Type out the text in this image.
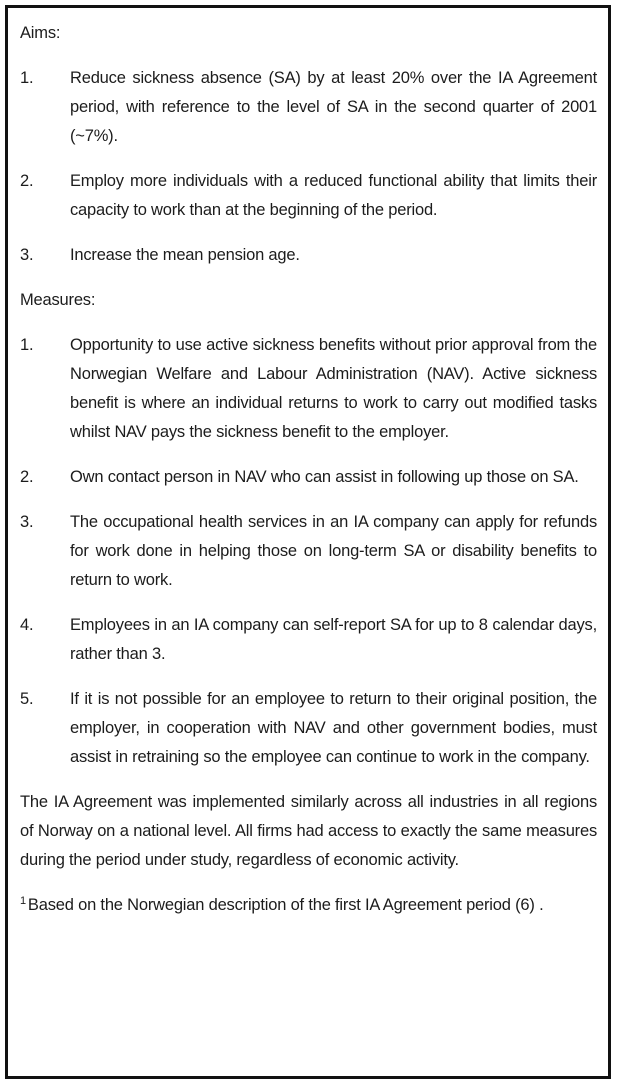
Aims:

1.	Reduce sickness absence (SA) by at least 20% over the IA Agreement period, with reference to the level of SA in the second quarter of 2001 (~7%).
2.	Employ more individuals with a reduced functional ability that limits their capacity to work than at the beginning of the period.
3.	Increase the mean pension age.

Measures:

1.	Opportunity to use active sickness benefits without prior approval from the Norwegian Welfare and Labour Administration (NAV). Active sickness benefit is where an individual returns to work to carry out modified tasks whilst NAV pays the sickness benefit to the employer.
2.	Own contact person in NAV who can assist in following up those on SA.
3.	The occupational health services in an IA company can apply for refunds for work done in helping those on long-term SA or disability benefits to return to work.
4.	Employees in an IA company can self-report SA for up to 8 calendar days, rather than 3.
5.	If it is not possible for an employee to return to their original position, the employer, in cooperation with NAV and other government bodies, must assist in retraining so the employee can continue to work in the company.

The IA Agreement was implemented similarly across all industries in all regions of Norway on a national level. All firms had access to exactly the same measures during the period under study, regardless of economic activity.

$^1$ Based on the Norwegian description of the first IA Agreement period (6) .
